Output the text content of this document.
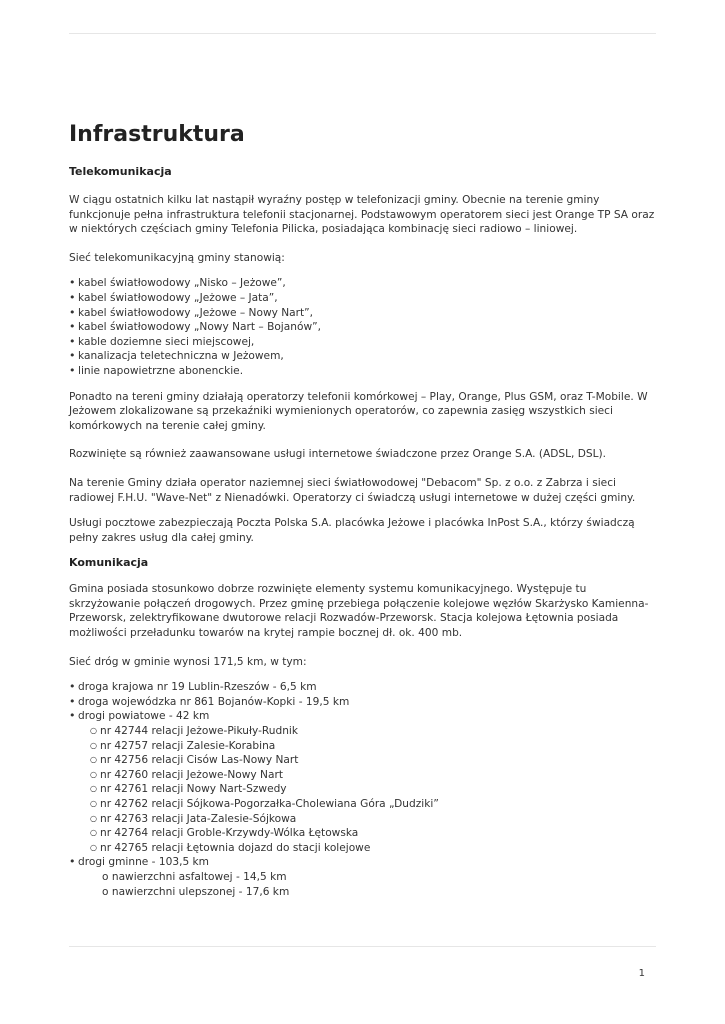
Infrastruktura
Telekomunikacja

W ciągu ostatnich kilku lat nastąpił wyraźny postęp w telefonizacji gminy. Obecnie na terenie gminy funkcjonuje pełna infrastruktura telefonii stacjonarnej. Podstawowym operatorem sieci jest Orange TP SA oraz w niektórych częściach gminy Telefonia Pilicka, posiadająca kombinację sieci radiowo – liniowej.

Sieć telekomunikacyjną gminy stanowią:

• kabel światłowodowy „Nisko – Jeżowe”,
• kabel światłowodowy „Jeżowe – Jata”,
• kabel światłowodowy „Jeżowe – Nowy Nart”,
• kabel światłowodowy „Nowy Nart – Bojanów”,
• kable doziemne sieci miejscowej,
• kanalizacja teletechniczna w Jeżowem,
• linie napowietrzne abonenckie.

Ponadto na tereni gminy działają operatorzy telefonii komórkowej – Play, Orange, Plus GSM, oraz T-Mobile. W Jeżowem zlokalizowane są przekaźniki wymienionych operatorów, co zapewnia zasięg wszystkich sieci komórkowych na terenie całej gminy.

Rozwinięte są również zaawansowane usługi internetowe świadczone przez Orange S.A. (ADSL, DSL).

Na terenie Gminy działa operator naziemnej sieci światłowodowej "Debacom" Sp. z o.o. z Zabrza i sieci radiowej F.H.U. "Wave-Net" z Nienadówki. Operatorzy ci świadczą usługi internetowe w dużej części gminy.

Usługi pocztowe zabezpieczają Poczta Polska S.A. placówka Jeżowe i placówka InPost S.A., którzy świadczą pełny zakres usług dla całej gminy.

Komunikacja

Gmina posiada stosunkowo dobrze rozwinięte elementy systemu komunikacyjnego. Występuje tu skrzyżowanie połączeń drogowych. Przez gminę przebiega połączenie kolejowe węzłów Skarżysko Kamienna-Przeworsk, zelektryfikowane dwutorowe relacji Rozwadów-Przeworsk. Stacja kolejowa Łętownia posiada możliwości przeładunku towarów na krytej rampie bocznej dł. ok. 400 mb.

Sieć dróg w gminie wynosi 171,5 km, w tym:

• droga krajowa nr 19 Lublin-Rzeszów - 6,5 km
• droga wojewódzka nr 861 Bojanów-Kopki - 19,5 km
• drogi powiatowe - 42 km
○ nr 42744 relacji Jeżowe-Pikuły-Rudnik
○ nr 42757 relacji Zalesie-Korabina
○ nr 42756 relacji Cisów Las-Nowy Nart
○ nr 42760 relacji Jeżowe-Nowy Nart
○ nr 42761 relacji Nowy Nart-Szwedy
○ nr 42762 relacji Sójkowa-Pogorzałka-Cholewiana Góra „Dudziki”
○ nr 42763 relacji Jata-Zalesie-Sójkowa
○ nr 42764 relacji Groble-Krzywdy-Wólka Łętowska
○ nr 42765 relacji Łętownia dojazd do stacji kolejowe
• drogi gminne - 103,5 km
o nawierzchni asfaltowej - 14,5 km
o nawierzchni ulepszonej - 17,6 km
1
